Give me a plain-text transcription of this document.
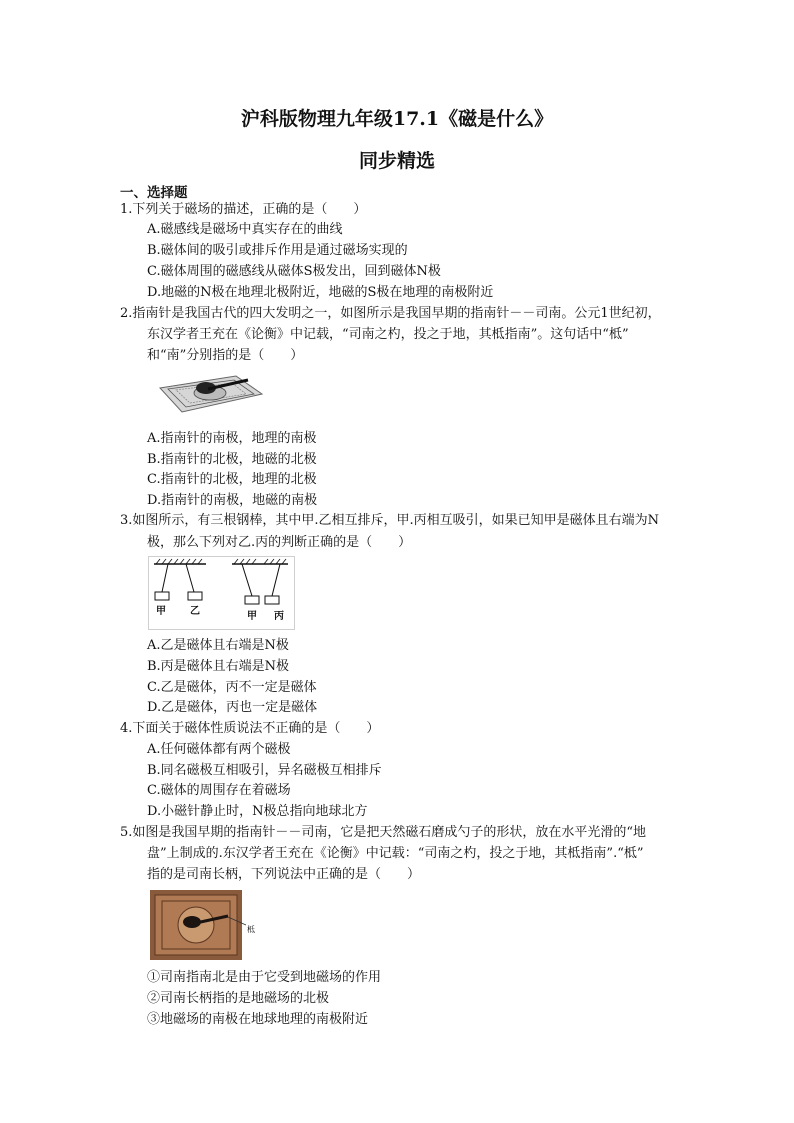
沪科版物理九年级17.1《磁是什么》
同步精选
一、选择题
1.下列关于磁场的描述，正确的是（　　）
A.磁感线是磁场中真实存在的曲线
B.磁体间的吸引或排斥作用是通过磁场实现的
C.磁体周围的磁感线从磁体S极发出，回到磁体N极
D.地磁的N极在地理北极附近，地磁的S极在地理的南极附近
2.指南针是我国古代的四大发明之一，如图所示是我国早期的指南针－－司南。公元1世纪初，
东汉学者王充在《论衡》中记载，“司南之杓，投之于地，其柢指南”。这句话中“柢”
和“南”分别指的是（　　）
A.指南针的南极，地理的南极
B.指南针的北极，地磁的北极
C.指南针的北极，地理的北极
D.指南针的南极，地磁的南极
3.如图所示，有三根钢棒，其中甲.乙相互排斥，甲.丙相互吸引，如果已知甲是磁体且右端为N
极，那么下列对乙.丙的判断正确的是（　　）
甲 乙	甲 丙
A.乙是磁体且右端是N极
B.丙是磁体且右端是N极
C.乙是磁体，丙不一定是磁体
D.乙是磁体，丙也一定是磁体
4.下面关于磁体性质说法不正确的是（　　）
A.任何磁体都有两个磁极
B.同名磁极互相吸引，异名磁极互相排斥
C.磁体的周围存在着磁场
D.小磁针静止时，N极总指向地球北方
5.如图是我国早期的指南针－－司南，它是把天然磁石磨成勺子的形状，放在水平光滑的“地
盘”上制成的.东汉学者王充在《论衡》中记载：“司南之杓，投之于地，其柢指南”.“柢”
指的是司南长柄，下列说法中正确的是（　　）
柢
①司南指南北是由于它受到地磁场的作用
②司南长柄指的是地磁场的北极
③地磁场的南极在地球地理的南极附近
